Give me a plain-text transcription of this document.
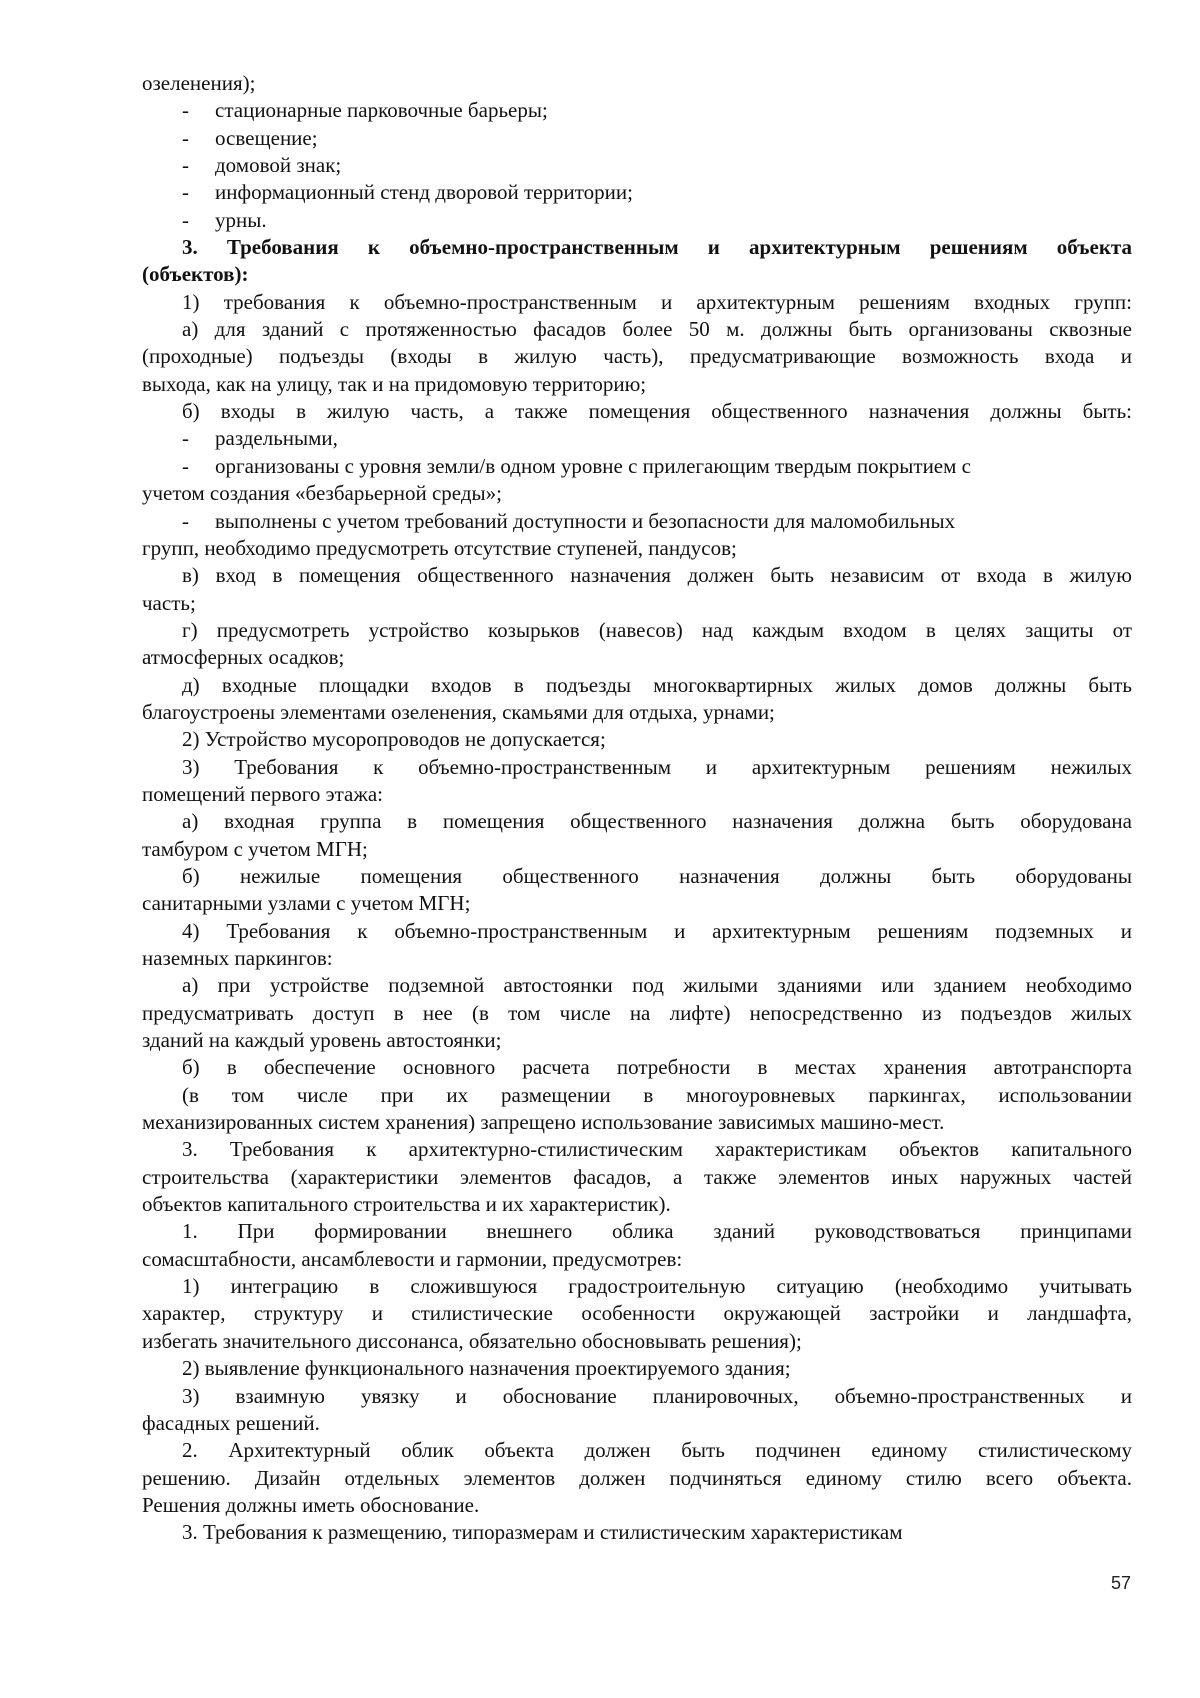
озеленения);
- стационарные парковочные барьеры;
- освещение;
- домовой знак;
- информационный стенд дворовой территории;
- урны.
3. Требования к объемно-пространственным и архитектурным решениям объекта
(объектов):
1) требования к объемно-пространственным и архитектурным решениям входных групп:
а) для зданий с протяженностью фасадов более 50 м. должны быть организованы сквозные
(проходные) подъезды (входы в жилую часть), предусматривающие возможность входа и
выхода, как на улицу, так и на придомовую территорию;
б) входы в жилую часть, а также помещения общественного назначения должны быть:
- раздельными,
- организованы с уровня земли/в одном уровне с прилегающим твердым покрытием с
учетом создания «безбарьерной среды»;
- выполнены с учетом требований доступности и безопасности для маломобильных
групп, необходимо предусмотреть отсутствие ступеней, пандусов;
в) вход в помещения общественного назначения должен быть независим от входа в жилую
часть;
г) предусмотреть устройство козырьков (навесов) над каждым входом в целях защиты от
атмосферных осадков;
д) входные площадки входов в подъезды многоквартирных жилых домов должны быть
благоустроены элементами озеленения, скамьями для отдыха, урнами;
2) Устройство мусоропроводов не допускается;
3) Требования к объемно-пространственным и архитектурным решениям нежилых
помещений первого этажа:
а) входная группа в помещения общественного назначения должна быть оборудована
тамбуром с учетом МГН;
б) нежилые помещения общественного назначения должны быть оборудованы
санитарными узлами с учетом МГН;
4) Требования к объемно-пространственным и архитектурным решениям подземных и
наземных паркингов:
а) при устройстве подземной автостоянки под жилыми зданиями или зданием необходимо
предусматривать доступ в нее (в том числе на лифте) непосредственно из подъездов жилых
зданий на каждый уровень автостоянки;
б) в обеспечение основного расчета потребности в местах хранения автотранспорта
(в том числе при их размещении в многоуровневых паркингах, использовании
механизированных систем хранения) запрещено использование зависимых машино-мест.
3. Требования к архитектурно-стилистическим характеристикам объектов капитального
строительства (характеристики элементов фасадов, а также элементов иных наружных частей
объектов капитального строительства и их характеристик).
1. При формировании внешнего облика зданий руководствоваться принципами
сомасштабности, ансамблевости и гармонии, предусмотрев:
1) интеграцию в сложившуюся градостроительную ситуацию (необходимо учитывать
характер, структуру и стилистические особенности окружающей застройки и ландшафта,
избегать значительного диссонанса, обязательно обосновывать решения);
2) выявление функционального назначения проектируемого здания;
3) взаимную увязку и обоснование планировочных, объемно-пространственных и
фасадных решений.
2. Архитектурный облик объекта должен быть подчинен единому стилистическому
решению. Дизайн отдельных элементов должен подчиняться единому стилю всего объекта.
Решения должны иметь обоснование.
3. Требования к размещению, типоразмерам и стилистическим характеристикам
57
